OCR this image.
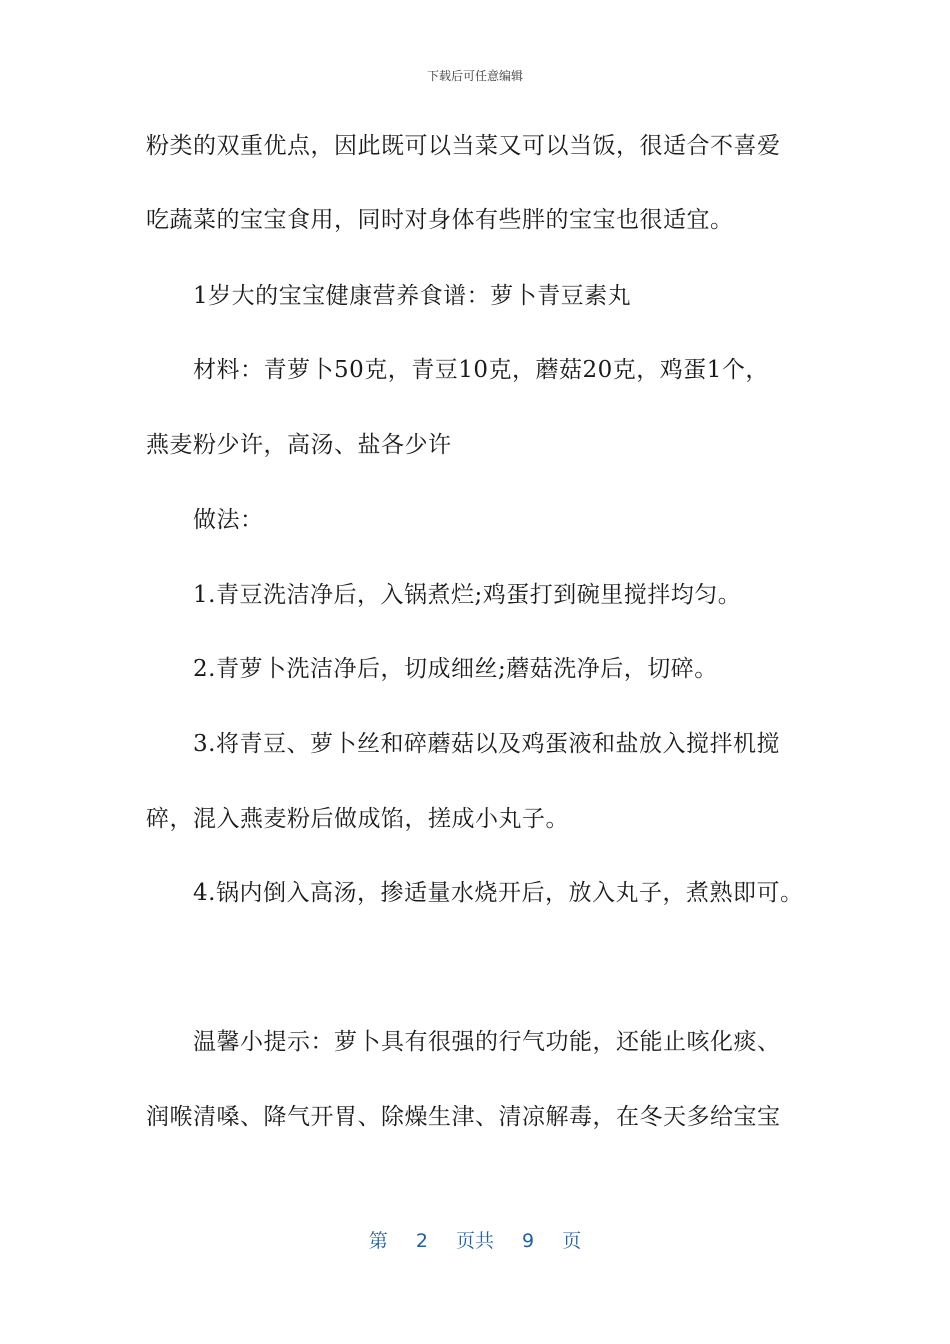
下载后可任意编辑
粉类的双重优点，因此既可以当菜又可以当饭，很适合不喜爱
吃蔬菜的宝宝食用，同时对身体有些胖的宝宝也很适宜。
1岁大的宝宝健康营养食谱：萝卜青豆素丸
材料：青萝卜50克，青豆10克，蘑菇20克，鸡蛋1个，
燕麦粉少许，高汤、盐各少许
做法：
1.青豆洗洁净后，入锅煮烂;鸡蛋打到碗里搅拌均匀。
2.青萝卜洗洁净后，切成细丝;蘑菇洗净后，切碎。
3.将青豆、萝卜丝和碎蘑菇以及鸡蛋液和盐放入搅拌机搅
碎，混入燕麦粉后做成馅，搓成小丸子。
4.锅内倒入高汤，掺适量水烧开后，放入丸子，煮熟即可。
温馨小提示：萝卜具有很强的行气功能，还能止咳化痰、
润喉清嗓、降气开胃、除燥生津、清凉解毒，在冬天多给宝宝
第 2 页共 9 页
